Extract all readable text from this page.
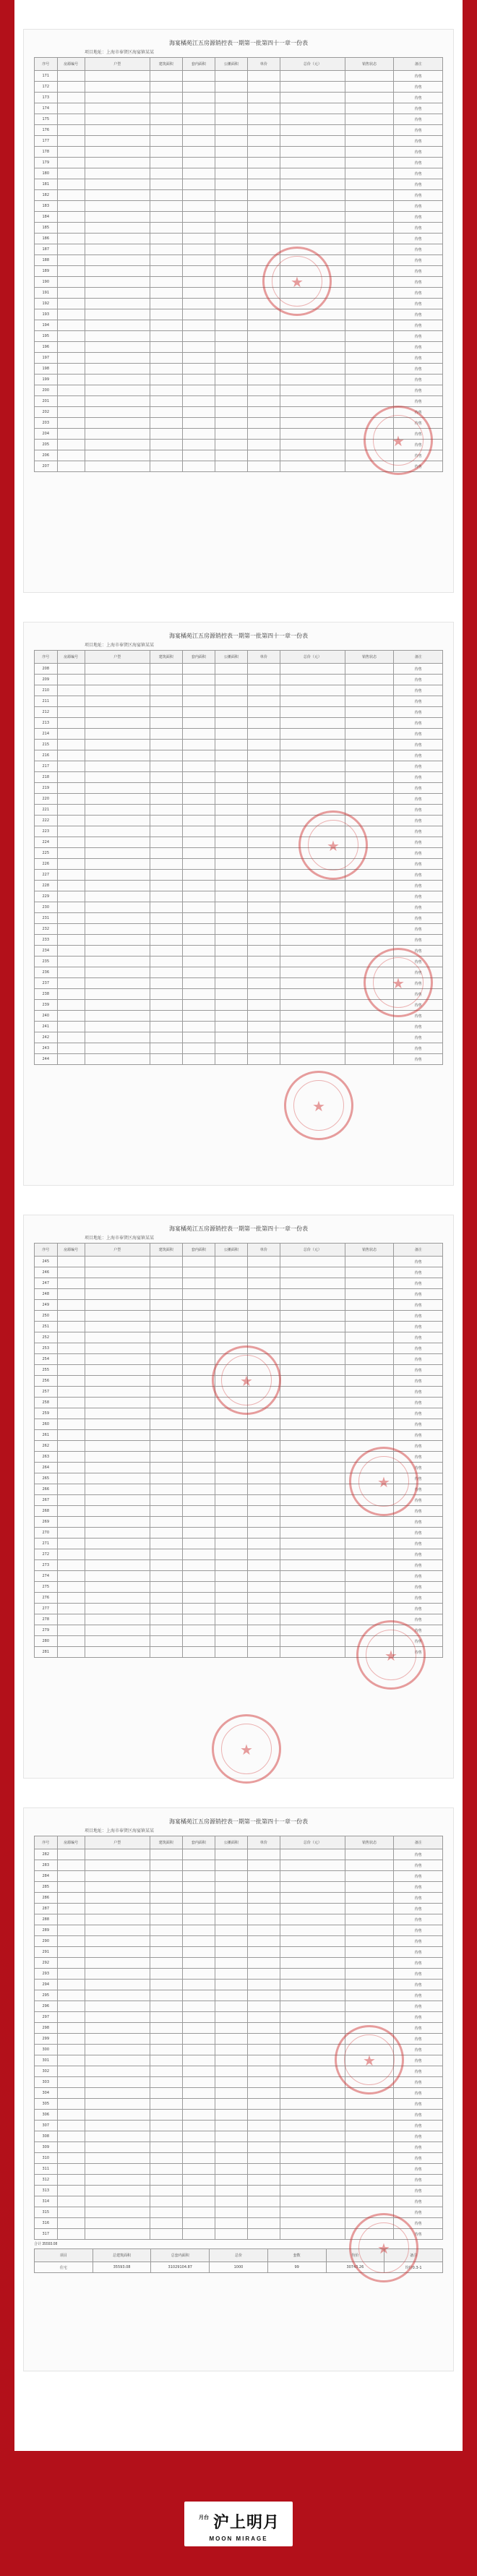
海宴橘苑江五房源销控表一期第一批第四十一章一份表
项目地址：上海市奉贤区海宴镇某某
序号	房源编号	户型	建筑面积	套内面积	公摊面积	单价	总价（元）	销售状态	备注
171									待售
172									待售
173									待售
174									待售
175									待售
176									待售
177									待售
178									待售
179									待售
180									待售
181									待售
182									待售
183									待售
184									待售
185									待售
186									待售
187									待售
188									待售
189									待售
190									待售
191									待售
192									待售
193									待售
194									待售
195									待售
196									待售
197									待售
198									待售
199									待售
200									待售
201									待售
202									待售
203									待售
204									待售
205									待售
206									待售
207									待售
★
★
海宴橘苑江五房源销控表一期第一批第四十一章一份表
项目地址：上海市奉贤区海宴镇某某
序号	房源编号	户型	建筑面积	套内面积	公摊面积	单价	总价（元）	销售状态	备注
208									待售
209									待售
210									待售
211									待售
212									待售
213									待售
214									待售
215									待售
216									待售
217									待售
218									待售
219									待售
220									待售
221									待售
222									待售
223									待售
224									待售
225									待售
226									待售
227									待售
228									待售
229									待售
230									待售
231									待售
232									待售
233									待售
234									待售
235									待售
236									待售
237									待售
238									待售
239									待售
240									待售
241									待售
242									待售
243									待售
244									待售
★
★
★
海宴橘苑江五房源销控表一期第一批第四十一章一份表
项目地址：上海市奉贤区海宴镇某某
序号	房源编号	户型	建筑面积	套内面积	公摊面积	单价	总价（元）	销售状态	备注
245									待售
246									待售
247									待售
248									待售
249									待售
250									待售
251									待售
252									待售
253									待售
254									待售
255									待售
256									待售
257									待售
258									待售
259									待售
260									待售
261									待售
262									待售
263									待售
264									待售
265									待售
266									待售
267									待售
268									待售
269									待售
270									待售
271									待售
272									待售
273									待售
274									待售
275									待售
276									待售
277									待售
278									待售
279									待售
280									待售
281									待售
★
★
★
★
海宴橘苑江五房源销控表一期第一批第四十一章一份表
项目地址：上海市奉贤区海宴镇某某
序号	房源编号	户型	建筑面积	套内面积	公摊面积	单价	总价（元）	销售状态	备注
282									待售
283									待售
284									待售
285									待售
286									待售
287									待售
288									待售
289									待售
290									待售
291									待售
292									待售
293									待售
294									待售
295									待售
296									待售
297									待售
298									待售
299									待售
300									待售
301									待售
302									待售
303									待售
304									待售
305									待售
306									待售
307									待售
308									待售
309									待售
310									待售
311									待售
312									待售
313									待售
314									待售
315									待售
316									待售
317									待售
合计 35593.08
项目	总建筑面积	总套内面积	总价	套数	均价	备注
住宅	35593.08	31029104.87	1000	99	30743.26	均价0.3-1
★
★
月台 沪上明月
MOON MIRAGE
